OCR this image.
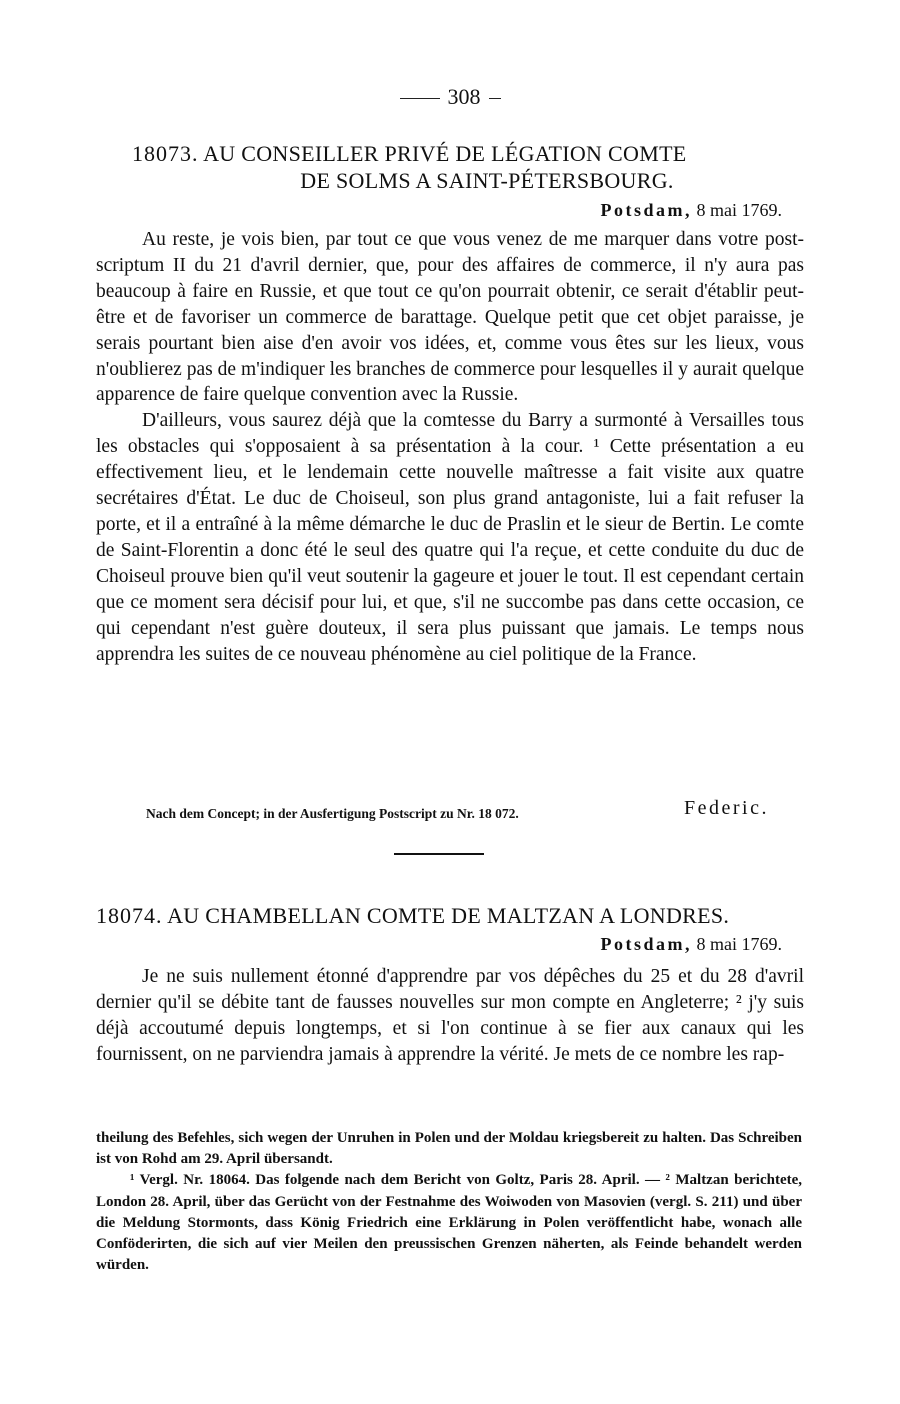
308
18073. AU CONSEILLER PRIVÉ DE LÉGATION COMTE
DE SOLMS A SAINT-PÉTERSBOURG.
Potsdam, 8 mai 1769.

Au reste, je vois bien, par tout ce que vous venez de me marquer dans votre post-scriptum II du 21 d'avril dernier, que, pour des affaires de commerce, il n'y aura pas beaucoup à faire en Russie, et que tout ce qu'on pourrait obtenir, ce serait d'établir peut-être et de favoriser un commerce de barattage. Quelque petit que cet objet paraisse, je serais pourtant bien aise d'en avoir vos idées, et, comme vous êtes sur les lieux, vous n'oublierez pas de m'indiquer les branches de commerce pour lesquelles il y aurait quelque apparence de faire quelque convention avec la Russie.

D'ailleurs, vous saurez déjà que la comtesse du Barry a surmonté à Versailles tous les obstacles qui s'opposaient à sa présentation à la cour. ¹ Cette présentation a eu effectivement lieu, et le lendemain cette nouvelle maîtresse a fait visite aux quatre secrétaires d'État. Le duc de Choiseul, son plus grand antagoniste, lui a fait refuser la porte, et il a entraîné à la même démarche le duc de Praslin et le sieur de Bertin. Le comte de Saint-Florentin a donc été le seul des quatre qui l'a reçue, et cette conduite du duc de Choiseul prouve bien qu'il veut soutenir la gageure et jouer le tout. Il est cependant certain que ce moment sera décisif pour lui, et que, s'il ne succombe pas dans cette occasion, ce qui cependant n'est guère douteux, il sera plus puissant que jamais. Le temps nous apprendra les suites de ce nouveau phénomène au ciel politique de la France.

Nach dem Concept; in der Ausfertigung Postscript zu Nr. 18 072.	Federic.
18074. AU CHAMBELLAN COMTE DE MALTZAN A LONDRES.
Potsdam, 8 mai 1769.

Je ne suis nullement étonné d'apprendre par vos dépêches du 25 et du 28 d'avril dernier qu'il se débite tant de fausses nouvelles sur mon compte en Angleterre; ² j'y suis déjà accoutumé depuis longtemps, et si l'on continue à se fier aux canaux qui les fournissent, on ne parviendra jamais à apprendre la vérité. Je mets de ce nombre les rap-

theilung des Befehles, sich wegen der Unruhen in Polen und der Moldau kriegsbereit zu halten. Das Schreiben ist von Rohd am 29. April übersandt.

¹ Vergl. Nr. 18064. Das folgende nach dem Bericht von Goltz, Paris 28. April. — ² Maltzan berichtete, London 28. April, über das Gerücht von der Festnahme des Woiwoden von Masovien (vergl. S. 211) und über die Meldung Stormonts, dass König Friedrich eine Erklärung in Polen veröffentlicht habe, wonach alle Conföderirten, die sich auf vier Meilen den preussischen Grenzen näherten, als Feinde behandelt werden würden.
